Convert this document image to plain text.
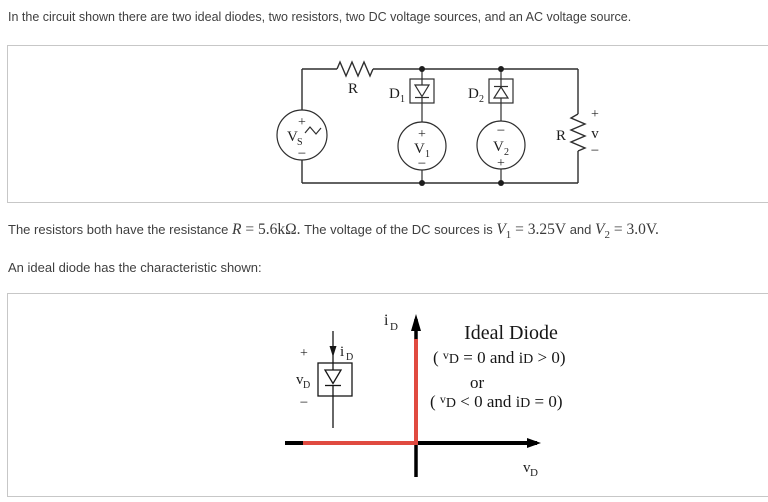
In the circuit shown there are two ideal diodes, two resistors, two DC voltage sources, and an AC voltage source.
The resistors both have the resistance R = 5.6kΩ. The voltage of the DC sources is $V_1 = 3.25V$ and $V_2 = 3.0V$.
An ideal diode has the characteristic shown:
Ideal Diode
( $^v$D = 0 and iD > 0)
or
( $^v$D < 0 and iD = 0)
+
V S
−
R D 1	D 2
+
V 1
−
−
V 2
+
R
+
v
−
i D
v D
i D
+
v D
−
